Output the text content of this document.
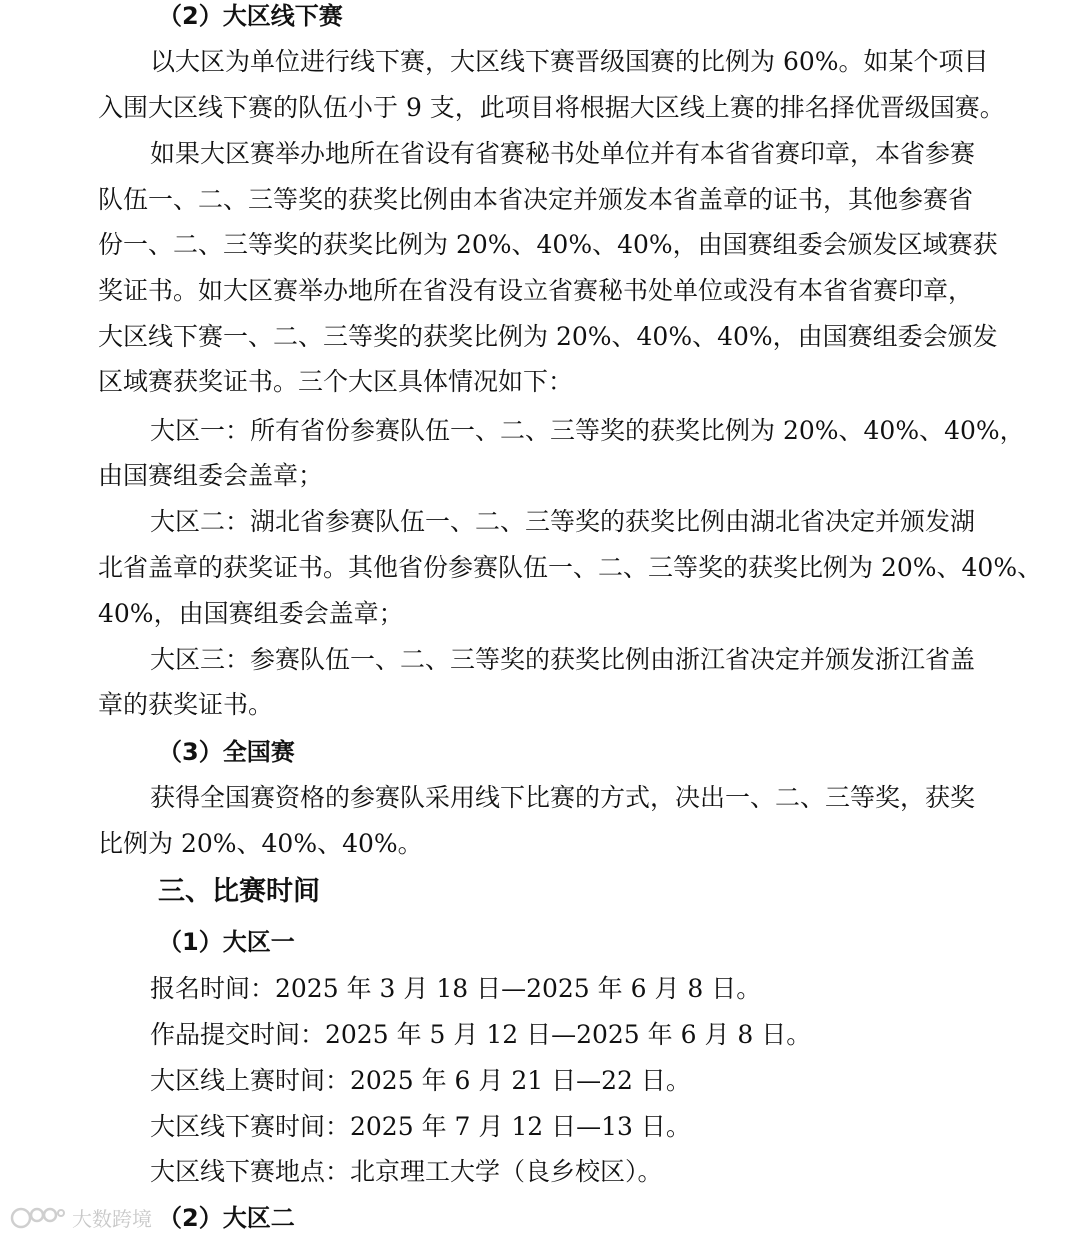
（2）大区线下赛
以大区为单位进行线下赛，大区线下赛晋级国赛的比例为 60%。如某个项目
入围大区线下赛的队伍小于 9 支，此项目将根据大区线上赛的排名择优晋级国赛。
如果大区赛举办地所在省设有省赛秘书处单位并有本省省赛印章，本省参赛
队伍一、二、三等奖的获奖比例由本省决定并颁发本省盖章的证书，其他参赛省
份一、二、三等奖的获奖比例为 20%、40%、40%，由国赛组委会颁发区域赛获
奖证书。如大区赛举办地所在省没有设立省赛秘书处单位或没有本省省赛印章，
大区线下赛一、二、三等奖的获奖比例为 20%、40%、40%，由国赛组委会颁发
区域赛获奖证书。三个大区具体情况如下：
大区一：所有省份参赛队伍一、二、三等奖的获奖比例为 20%、40%、40%，
由国赛组委会盖章；
大区二：湖北省参赛队伍一、二、三等奖的获奖比例由湖北省决定并颁发湖
北省盖章的获奖证书。其他省份参赛队伍一、二、三等奖的获奖比例为 20%、40%、
40%，由国赛组委会盖章；
大区三：参赛队伍一、二、三等奖的获奖比例由浙江省决定并颁发浙江省盖
章的获奖证书。
（3）全国赛
获得全国赛资格的参赛队采用线下比赛的方式，决出一、二、三等奖，获奖
比例为 20%、40%、40%。
三、比赛时间
（1）大区一
报名时间：2025 年 3 月 18 日—2025 年 6 月 8 日。
作品提交时间：2025 年 5 月 12 日—2025 年 6 月 8 日。
大区线上赛时间：2025 年 6 月 21 日—22 日。
大区线下赛时间：2025 年 7 月 12 日—13 日。
大区线下赛地点：北京理工大学（良乡校区）。
（2）大区二
大数跨境
